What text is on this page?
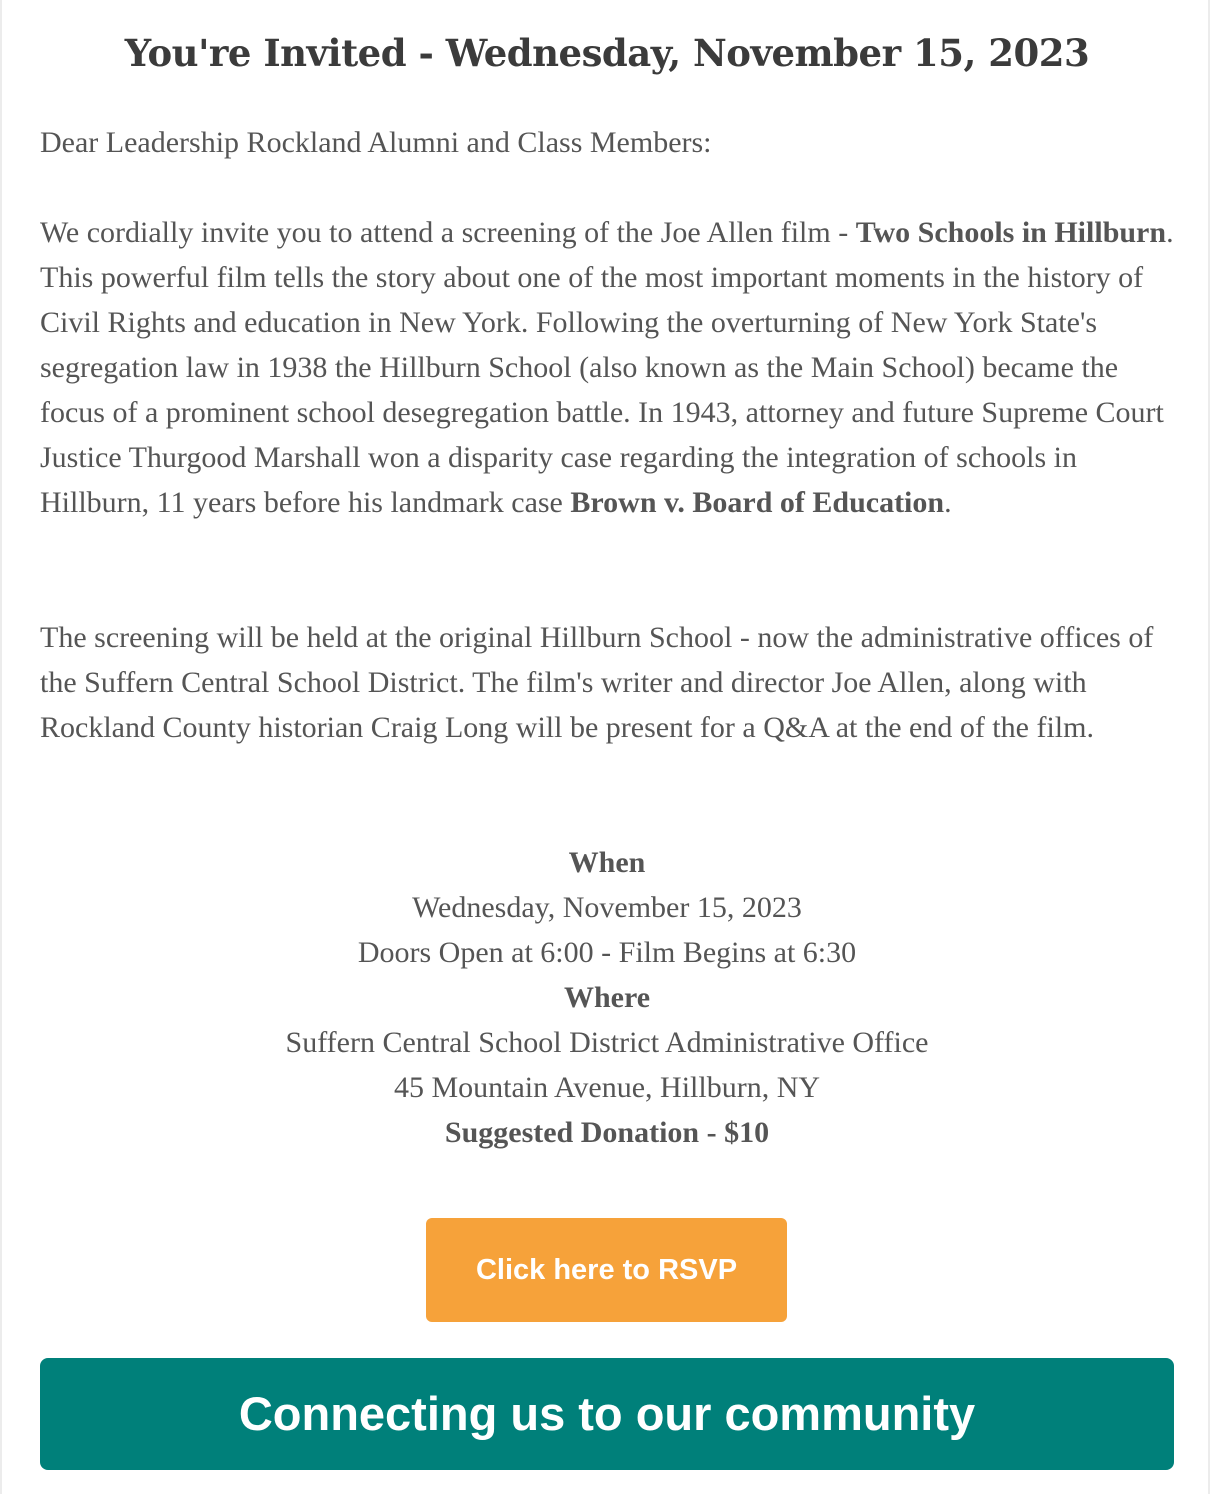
You're Invited - Wednesday, November 15, 2023

Dear Leadership Rockland Alumni and Class Members:

We cordially invite you to attend a screening of the Joe Allen film - Two Schools in Hillburn. This powerful film tells the story about one of the most important moments in the history of Civil Rights and education in New York. Following the overturning of New York State's segregation law in 1938 the Hillburn School (also known as the Main School) became the focus of a prominent school desegregation battle. In 1943, attorney and future Supreme Court Justice Thurgood Marshall won a disparity case regarding the integration of schools in Hillburn, 11 years before his landmark case Brown v. Board of Education.

The screening will be held at the original Hillburn School - now the administrative offices of the Suffern Central School District. The film's writer and director Joe Allen, along with Rockland County historian Craig Long will be present for a Q&A at the end of the film.

When
Wednesday, November 15, 2023
Doors Open at 6:00 - Film Begins at 6:30
Where
Suffern Central School District Administrative Office
45 Mountain Avenue, Hillburn, NY
Suggested Donation - $10
Click here to RSVP
Connecting us to our community
